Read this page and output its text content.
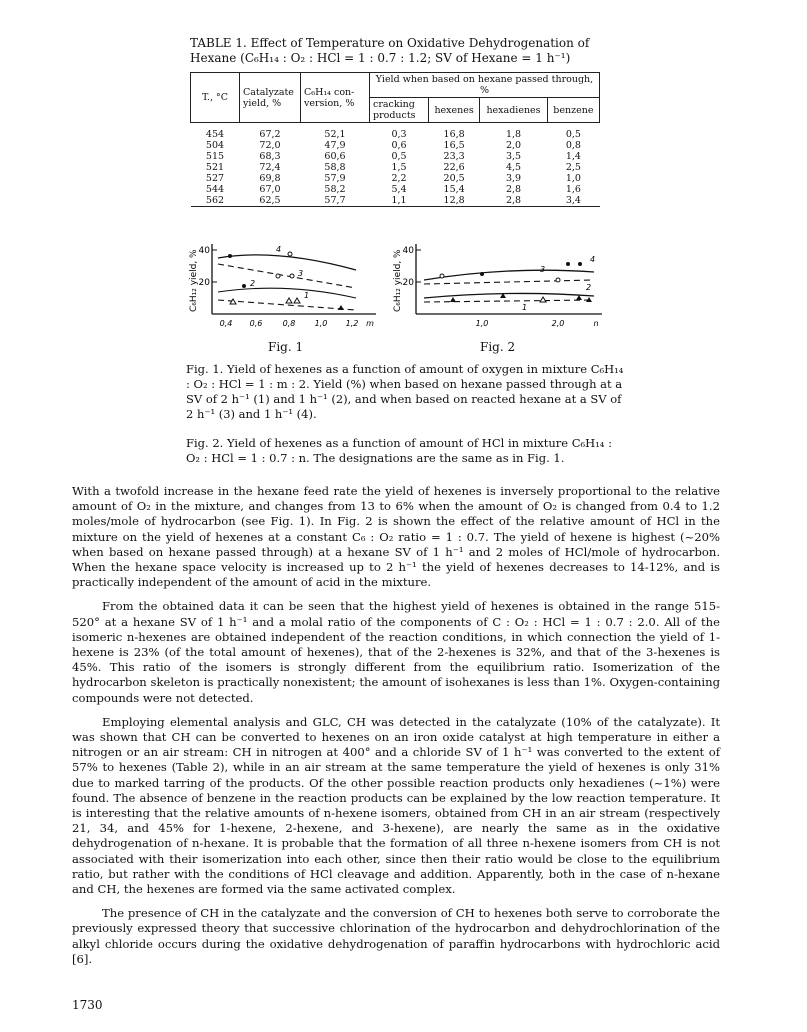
TABLE 1. Effect of Temperature on Oxidative Dehydrogenation of
Hexane (C₆H₁₄ : O₂ : HCl = 1 : 0.7 : 1.2; SV of Hexane = 1 h⁻¹)
T., °C	Catalyzate yield, %	C₆H₁₄ con-version, %	Yield when based on hexane passed through, %			
			cracking products	hexenes	hexadienes	benzene
454	67,2	52,1	0,3	16,8	1,8	0,5
504	72,0	47,9	0,6	16,5	2,0	0,8
515	68,3	60,6	0,5	23,3	3,5	1,4
521	72,4	58,8	1,5	22,6	4,5	2,5
527	69,8	57,9	2,2	20,5	3,9	1,0
544	67,0	58,2	5,4	15,4	2,8	1,6
562	62,5	57,7	1,1	12,8	2,8	3,4
40
20
C₆H₁₂ yield, %
0,4 0,6	0,8 1,0 1,2 m
4
3
2
1
40
20
C₆H₁₂ yield, %
1,0	2,0	n
4
3
2
1
Fig. 1	Fig. 2
Fig. 1. Yield of hexenes as a function of amount of oxygen in mixture C₆H₁₄ : O₂ : HCl = 1 : m : 2. Yield (%) when based on hexane passed through at a SV of 2 h⁻¹ (1) and 1 h⁻¹ (2), and when based on reacted hexane at a SV of 2 h⁻¹ (3) and 1 h⁻¹ (4).
Fig. 2. Yield of hexenes as a function of amount of HCl in mixture C₆H₁₄ : O₂ : HCl = 1 : 0.7 : n. The designations are the same as in Fig. 1.

With a twofold increase in the hexane feed rate the yield of hexenes is inversely proportional to the relative amount of O₂ in the mixture, and changes from 13 to 6% when the amount of O₂ is changed from 0.4 to 1.2 moles/mole of hydrocarbon (see Fig. 1). In Fig. 2 is shown the effect of the relative amount of HCl in the mixture on the yield of hexenes at a constant C₆ : O₂ ratio = 1 : 0.7. The yield of hexene is highest (~20% when based on hexane passed through) at a hexane SV of 1 h⁻¹ and 2 moles of HCl/mole of hydrocarbon. When the hexane space velocity is increased up to 2 h⁻¹ the yield of hexenes decreases to 14-12%, and is practically independent of the amount of acid in the mixture.

From the obtained data it can be seen that the highest yield of hexenes is obtained in the range 515-520° at a hexane SV of 1 h⁻¹ and a molal ratio of the components of C : O₂ : HCl = 1 : 0.7 : 2.0. All of the isomeric n-hexenes are obtained independent of the reaction conditions, in which connection the yield of 1-hexene is 23% (of the total amount of hexenes), that of the 2-hexenes is 32%, and that of the 3-hexenes is 45%. This ratio of the isomers is strongly different from the equilibrium ratio. Isomerization of the hydrocarbon skeleton is practically nonexistent; the amount of isohexanes is less than 1%. Oxygen-containing compounds were not detected.

Employing elemental analysis and GLC, CH was detected in the catalyzate (10% of the catalyzate). It was shown that CH can be converted to hexenes on an iron oxide catalyst at high temperature in either a nitrogen or an air stream: CH in nitrogen at 400° and a chloride SV of 1 h⁻¹ was converted to the extent of 57% to hexenes (Table 2), while in an air stream at the same temperature the yield of hexenes is only 31% due to marked tarring of the products. Of the other possible reaction products only hexadienes (~1%) were found. The absence of benzene in the reaction products can be explained by the low reaction temperature. It is interesting that the relative amounts of n-hexene isomers, obtained from CH in an air stream (respectively 21, 34, and 45% for 1-hexene, 2-hexene, and 3-hexene), are nearly the same as in the oxidative dehydrogenation of n-hexane. It is probable that the formation of all three n-hexene isomers from CH is not associated with their isomerization into each other, since then their ratio would be close to the equilibrium ratio, but rather with the conditions of HCl cleavage and addition. Apparently, both in the case of n-hexane and CH, the hexenes are formed via the same activated complex.

The presence of CH in the catalyzate and the conversion of CH to hexenes both serve to corroborate the previously expressed theory that successive chlorination of the hydrocarbon and dehydrochlorination of the alkyl chloride occurs during the oxidative dehydrogenation of paraffin hydrocarbons with hydrochloric acid [6].

1730
